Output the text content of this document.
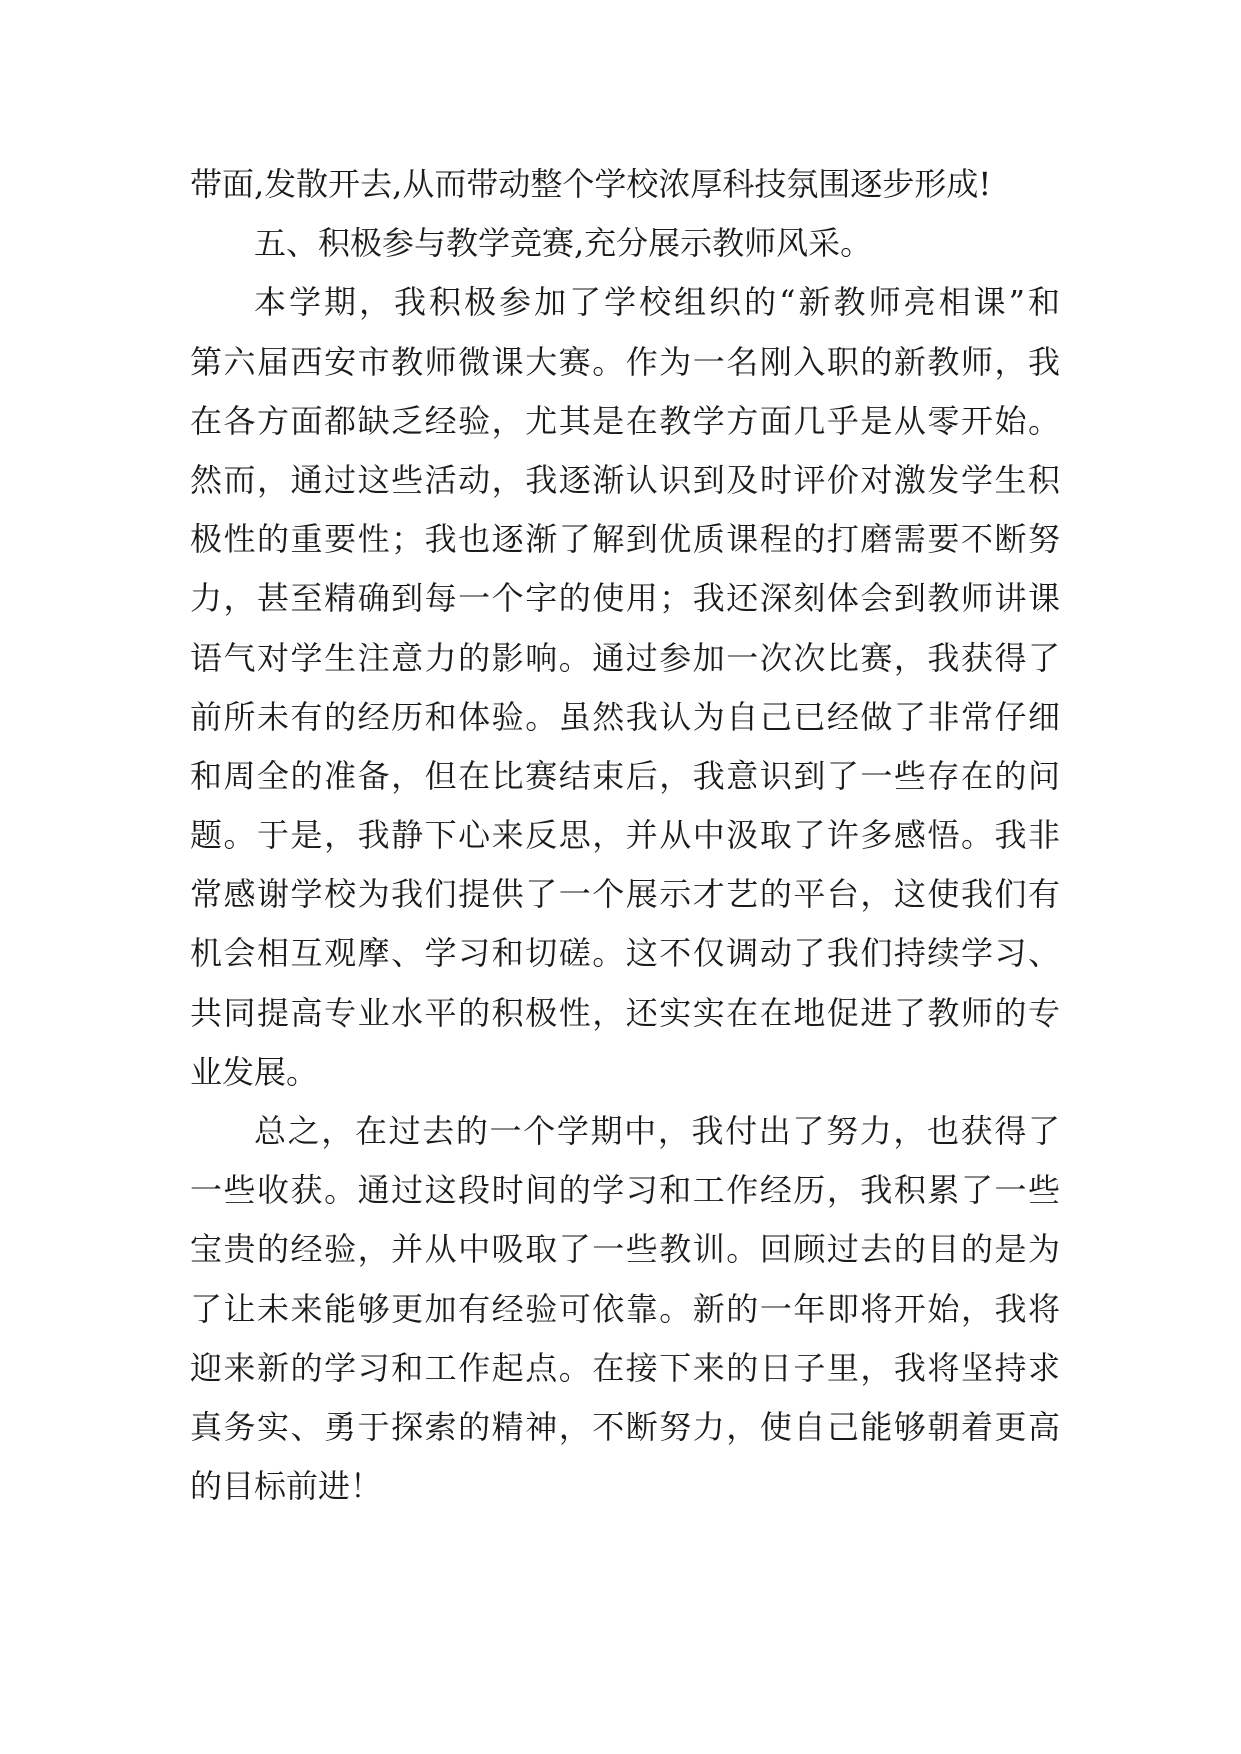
带面,发散开去,从而带动整个学校浓厚科技氛围逐步形成!
五、积极参与教学竞赛,充分展示教师风采。
本学期，我积极参加了学校组织的“新教师亮相课”和
第六届西安市教师微课大赛。作为一名刚入职的新教师，我
在各方面都缺乏经验，尤其是在教学方面几乎是从零开始。
然而，通过这些活动，我逐渐认识到及时评价对激发学生积
极性的重要性；我也逐渐了解到优质课程的打磨需要不断努
力，甚至精确到每一个字的使用；我还深刻体会到教师讲课
语气对学生注意力的影响。通过参加一次次比赛，我获得了
前所未有的经历和体验。虽然我认为自己已经做了非常仔细
和周全的准备，但在比赛结束后，我意识到了一些存在的问
题。于是，我静下心来反思，并从中汲取了许多感悟。我非
常感谢学校为我们提供了一个展示才艺的平台，这使我们有
机会相互观摩、学习和切磋。这不仅调动了我们持续学习、
共同提高专业水平的积极性，还实实在在地促进了教师的专
业发展。
总之，在过去的一个学期中，我付出了努力，也获得了
一些收获。通过这段时间的学习和工作经历，我积累了一些
宝贵的经验，并从中吸取了一些教训。回顾过去的目的是为
了让未来能够更加有经验可依靠。新的一年即将开始，我将
迎来新的学习和工作起点。在接下来的日子里，我将坚持求
真务实、勇于探索的精神，不断努力，使自己能够朝着更高
的目标前进！
